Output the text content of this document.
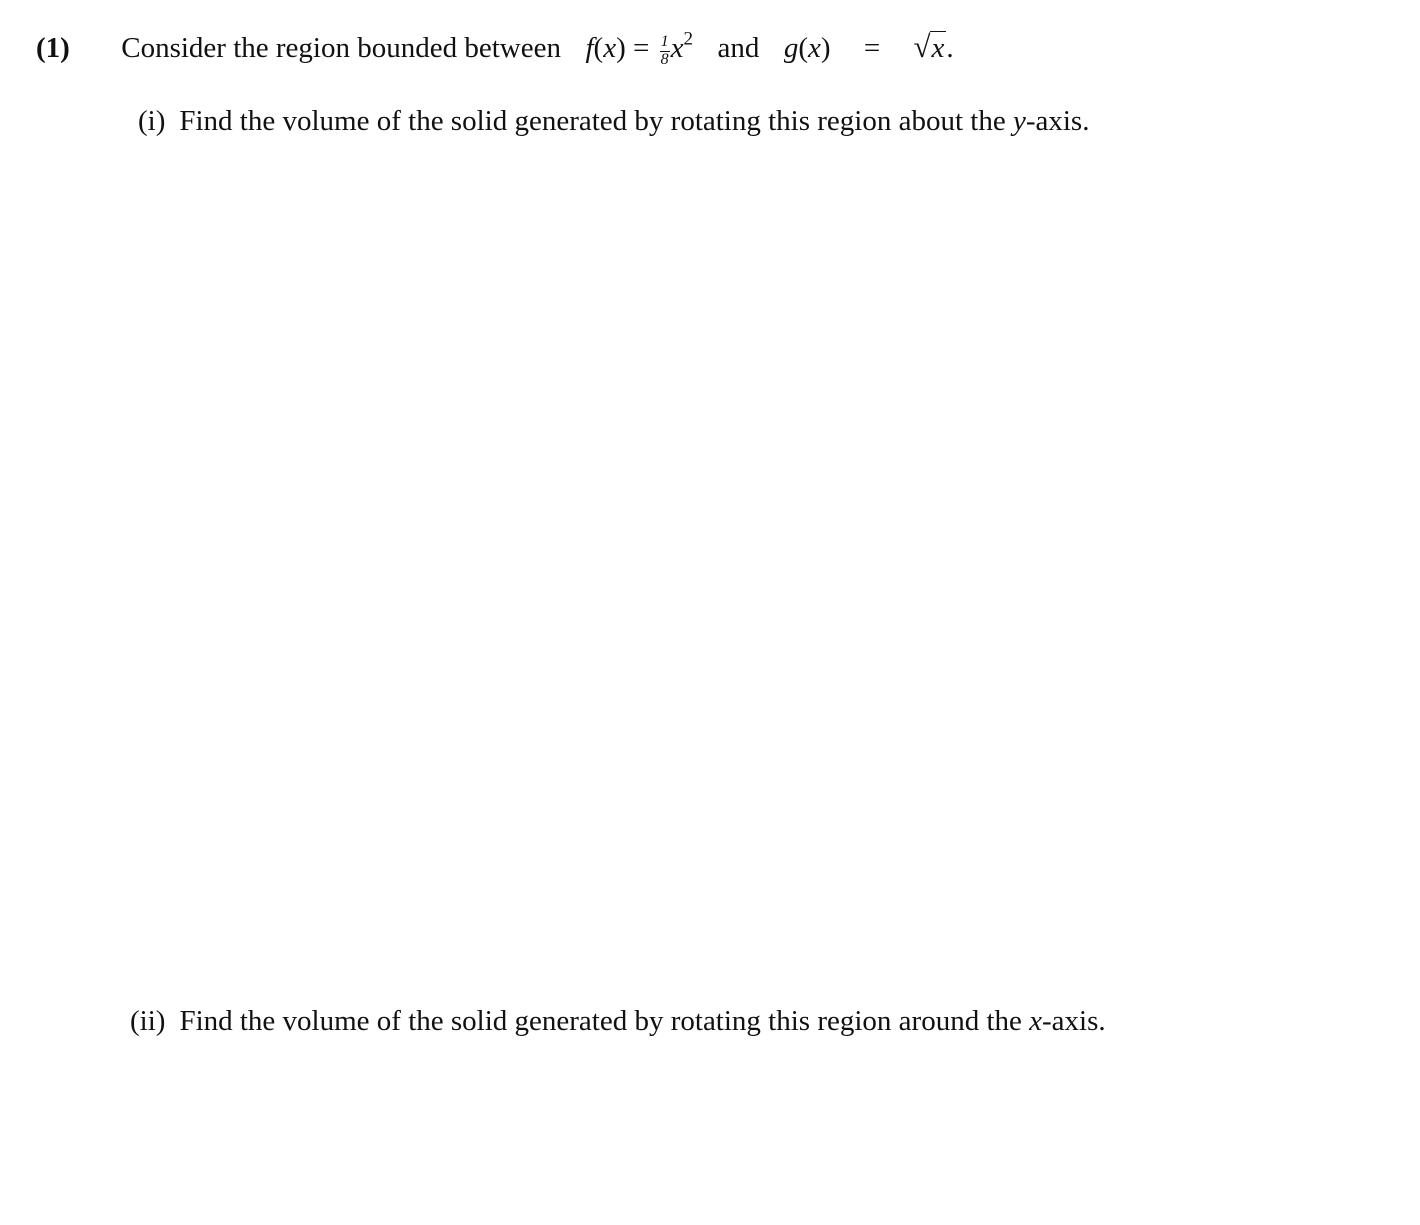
(1) Consider the region bounded between $f(x) = \frac{1}{8} x^2$ and g(x) = √x.
(i) Find the volume of the solid generated by rotating this region about the y-axis.
(ii) Find the volume of the solid generated by rotating this region around the x-axis.
